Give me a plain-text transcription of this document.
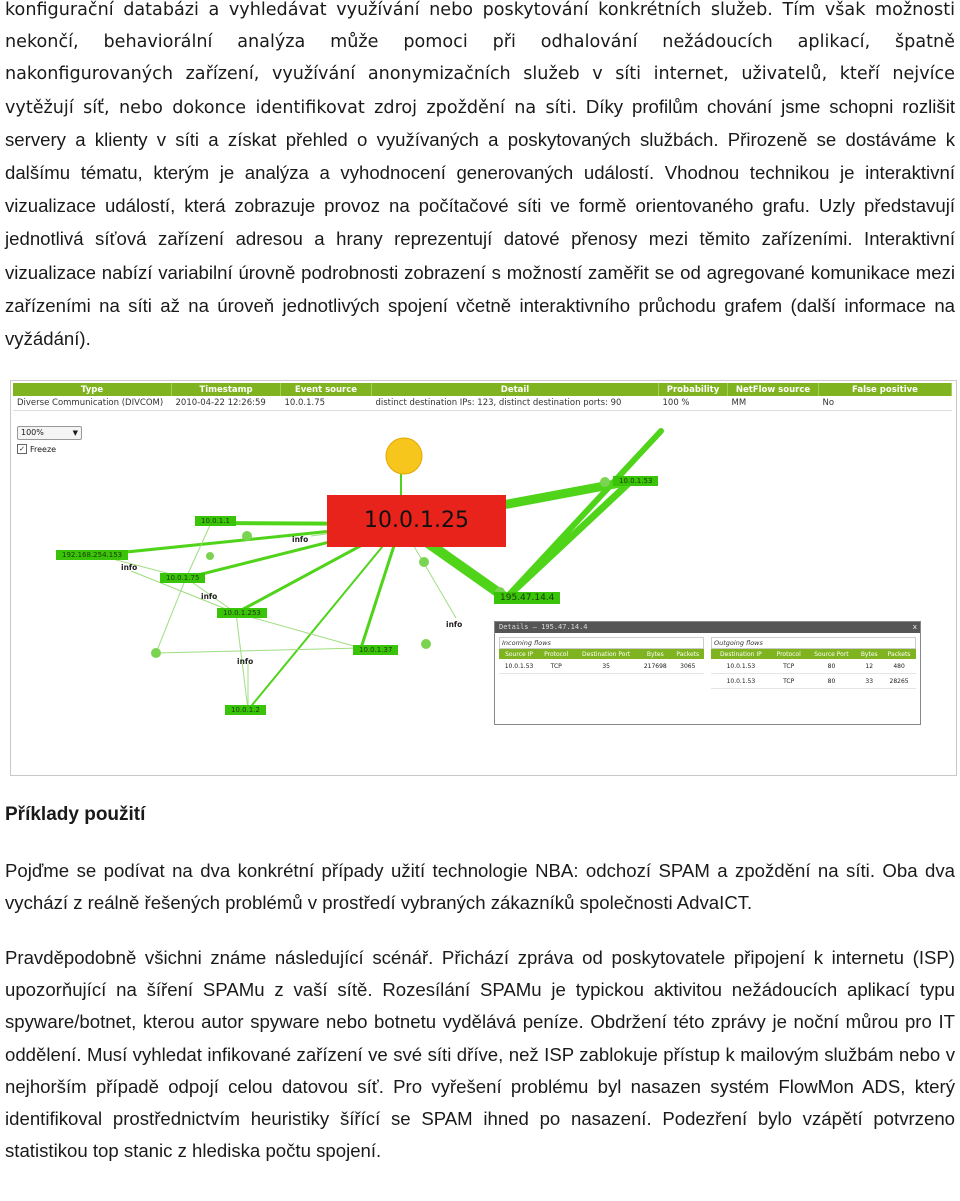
konfigurační databázi a vyhledávat využívání nebo poskytování konkrétních služeb. Tím však možnosti nekončí, behaviorální analýza může pomoci při odhalování nežádoucích aplikací, špatně nakonfigurovaných zařízení, využívání anonymizačních služeb v síti internet, uživatelů, kteří nejvíce vytěžují síť, nebo dokonce identifikovat zdroj zpoždění na síti. Díky profilům chování jsme schopni rozlišit servery a klienty v síti a získat přehled o využívaných a poskytovaných službách. Přirozeně se dostáváme k dalšímu tématu, kterým je analýza a vyhodnocení generovaných událostí. Vhodnou technikou je interaktivní vizualizace událostí, která zobrazuje provoz na počítačové síti ve formě orientovaného grafu. Uzly představují jednotlivá síťová zařízení adresou a hrany reprezentují datové přenosy mezi těmito zařízeními. Interaktivní vizualizace nabízí variabilní úrovně podrobnosti zobrazení s možností zaměřit se od agregované komunikace mezi zařízeními na síti až na úroveň jednotlivých spojení včetně interaktivního průchodu grafem (další informace na vyžádání).

Type	Timestamp	Event source	Detail	Probability	NetFlow source	False positive
Diverse Communication (DIVCOM)	2010-04-22 12:26:59	10.0.1.75	distinct destination IPs: 123, distinct destination ports: 90	100 %	MM	No
100%	▼
✓ Freeze
10.0.1.25
10.0.1.1
10.0.1.75
10.0.1.253
10.0.1.37
10.0.1.2
10.0.1.53
195.47.14.4
192.168.254.153
info
info
info
info
info
Details — 195.47.14.4	x
Incoming flows
Source IP	Protocol	Destination Port	Bytes	Packets
10.0.1.53	TCP	35	217698	3065
Outgoing flows
Destination IP	Protocol	Source Port	Bytes	Packets
10.0.1.53	TCP	80	12	480
10.0.1.53	TCP	80	33	28265
Příklady použití

Pojďme se podívat na dva konkrétní případy užití technologie NBA: odchozí SPAM a zpoždění na síti. Oba dva vychází z reálně řešených problémů v prostředí vybraných zákazníků společnosti AdvaICT.

Pravděpodobně všichni známe následující scénář. Přichází zpráva od poskytovatele připojení k internetu (ISP) upozorňující na šíření SPAMu z vaší sítě. Rozesílání SPAMu je typickou aktivitou nežádoucích aplikací typu spyware/botnet, kterou autor spyware nebo botnetu vydělává peníze. Obdržení této zprávy je noční můrou pro IT oddělení. Musí vyhledat infikované zařízení ve své síti dříve, než ISP zablokuje přístup k mailovým službám nebo v nejhorším případě odpojí celou datovou síť. Pro vyřešení problému byl nasazen systém FlowMon ADS, který identifikoval prostřednictvím heuristiky šířící se SPAM ihned po nasazení. Podezření bylo vzápětí potvrzeno statistikou top stanic z hlediska počtu spojení.
